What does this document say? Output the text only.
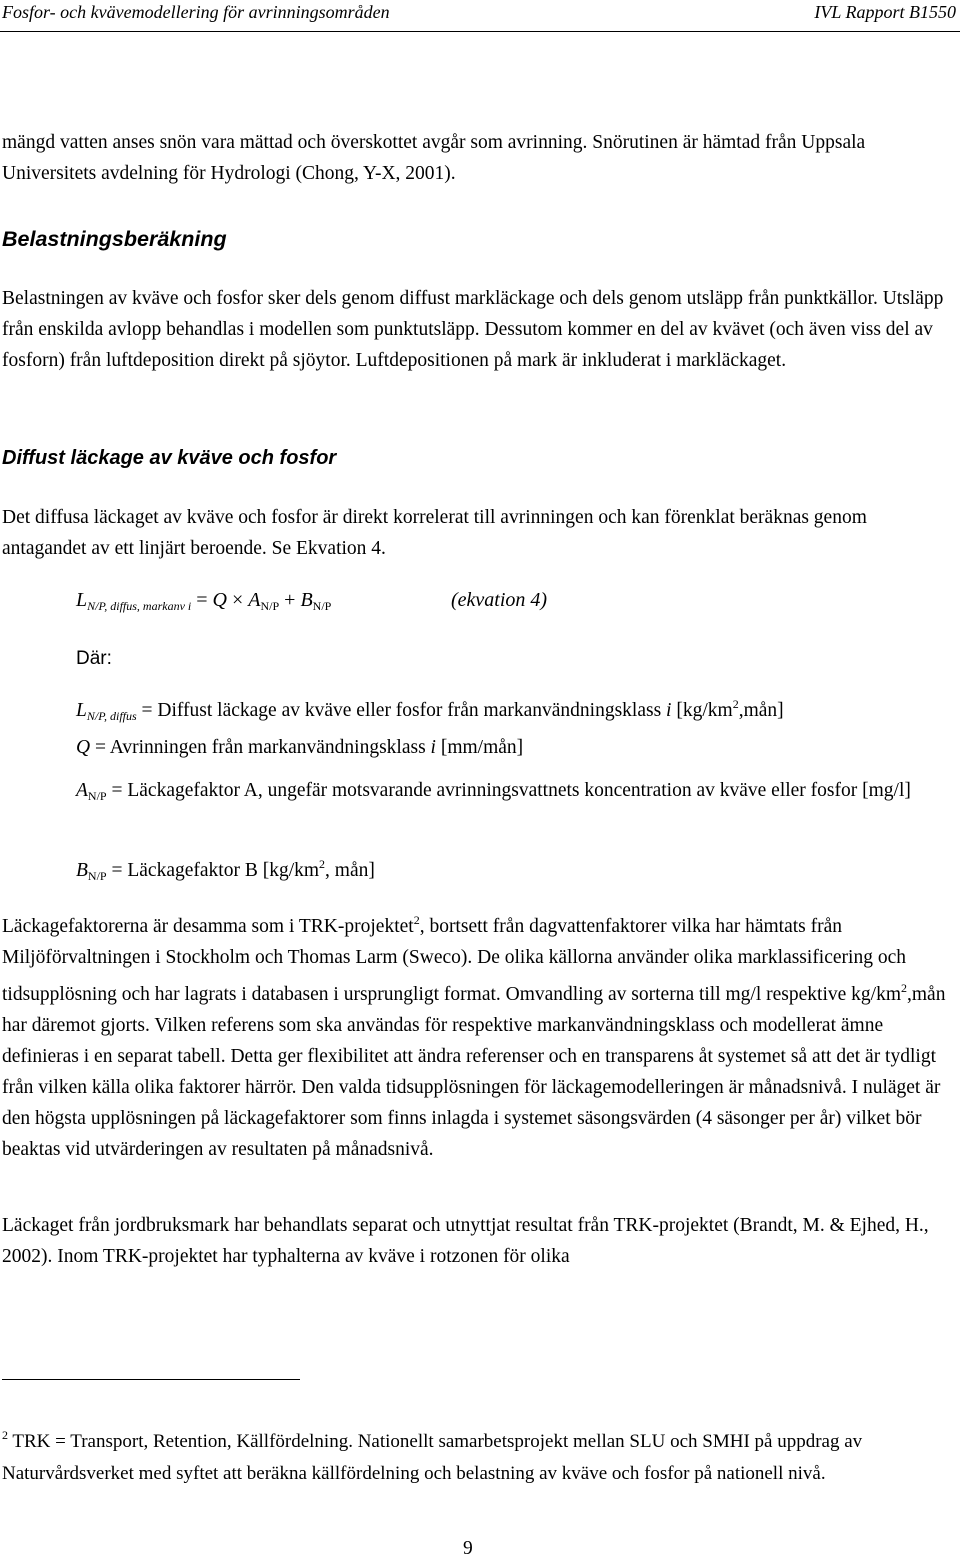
Fosfor- och kvävemodellering för avrinningsområden	IVL Rapport B1550

mängd vatten anses snön vara mättad och överskottet avgår som avrinning. Snörutinen är hämtad från Uppsala Universitets avdelning för Hydrologi (Chong, Y-X, 2001).

Belastningsberäkning

Belastningen av kväve och fosfor sker dels genom diffust markläckage och dels genom utsläpp från punktkällor. Utsläpp från enskilda avlopp behandlas i modellen som punktutsläpp. Dessutom kommer en del av kvävet (och även viss del av fosforn) från luftdeposition direkt på sjöytor. Luftdepositionen på mark är inkluderat i markläckaget.

Diffust läckage av kväve och fosfor

Det diffusa läckaget av kväve och fosfor är direkt korrelerat till avrinningen och kan förenklat beräknas genom antagandet av ett linjärt beroende. Se Ekvation 4.

$L_{N/P, diffus, markanv i} = Q \times A_{N/P} + B_{N/P}$	(ekvation 4)
Där:
$L_{N/P, diffus}$ = Diffust läckage av kväve eller fosfor från markanvändningsklass i $[kg/km^2,mån]$
Q = Avrinningen från markanvändningsklass i [mm/mån]
$A_{N/P}$ = Läckagefaktor A, ungefär motsvarande avrinningsvattnets koncentration av kväve eller fosfor [mg/l]
$B_{N/P}$ = Läckagefaktor B [$kg/km^2$, mån]

Läckagefaktorerna är desamma som i TRK-projektet$^2$, bortsett från dagvattenfaktorer vilka har hämtats från Miljöförvaltningen i Stockholm och Thomas Larm (Sweco). De olika källorna använder olika marklassificering och tidsupplösning och har lagrats i databasen i ursprungligt format. Omvandling av sorterna till mg/l respektive $kg/km^2,mån$ har däremot gjorts. Vilken referens som ska användas för respektive markanvändningsklass och modellerat ämne definieras i en separat tabell. Detta ger flexibilitet att ändra referenser och en transparens åt systemet så att det är tydligt från vilken källa olika faktorer härrör. Den valda tidsupplösningen för läckagemodelleringen är månadsnivå. I nuläget är den högsta upplösningen på läckagefaktorer som finns inlagda i systemet säsongsvärden (4 säsonger per år) vilket bör beaktas vid utvärderingen av resultaten på månadsnivå.

Läckaget från jordbruksmark har behandlats separat och utnyttjat resultat från TRK-projektet (Brandt, M. & Ejhed, H., 2002). Inom TRK-projektet har typhalterna av kväve i rotzonen för olika

$^2$ TRK = Transport, Retention, Källfördelning. Nationellt samarbetsprojekt mellan SLU och SMHI på uppdrag av Naturvårdsverket med syftet att beräkna källfördelning och belastning av kväve och fosfor på nationell nivå.
9
